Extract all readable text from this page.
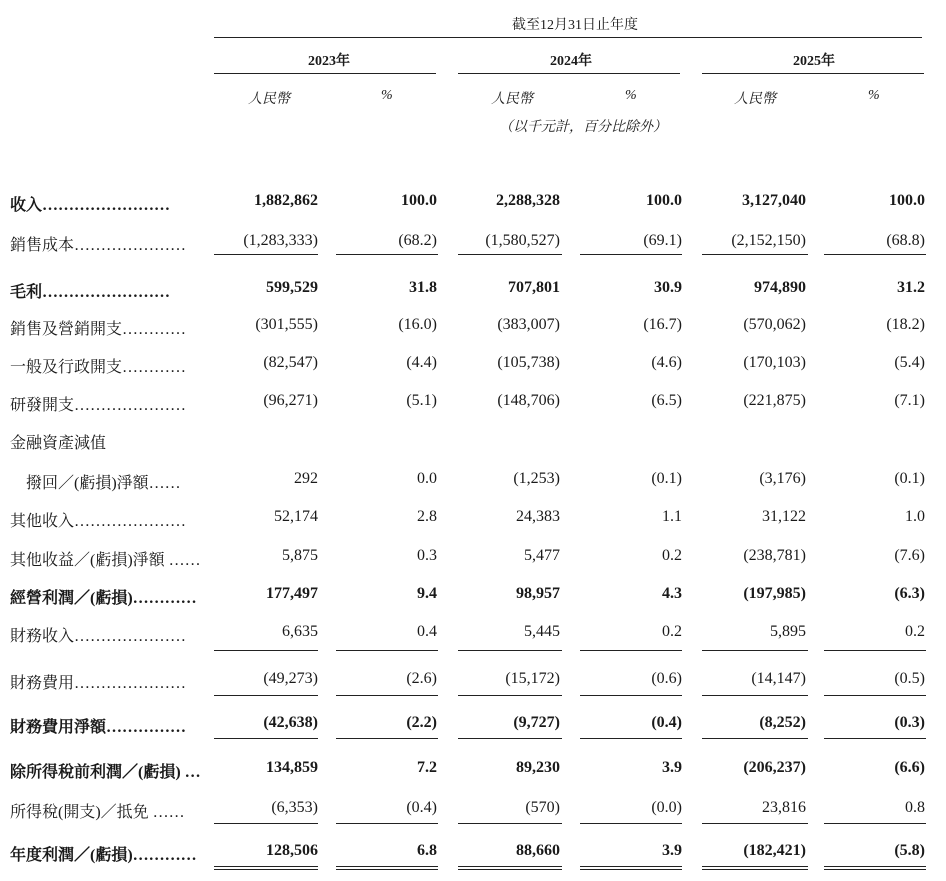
截至12月31日止年度
2023年	2024年	2025年
人民幣	%	人民幣	%	人民幣	%
（以千元計，百分比除外）
收入……………………	1,882,862	100.0	2,288,328	100.0	3,127,040	100.0
銷售成本…………………	(1,283,333)	(68.2)	(1,580,527)	(69.1)	(2,152,150)	(68.8)
毛利……………………	599,529	31.8	707,801	30.9	974,890	31.2
銷售及營銷開支…………	(301,555)	(16.0)	(383,007)	(16.7)	(570,062)	(18.2)
一般及行政開支…………	(82,547)	(4.4)	(105,738)	(4.6)	(170,103)	(5.4)
研發開支…………………	(96,271)	(5.1)	(148,706)	(6.5)	(221,875)	(7.1)
金融資產減值
　撥回／(虧損)淨額……	292	0.0	(1,253)	(0.1)	(3,176)	(0.1)
其他收入…………………	52,174	2.8	24,383	1.1	31,122	1.0
其他收益／(虧損)淨額 ……	5,875	0.3	5,477	0.2	(238,781)	(7.6)
經營利潤／(虧損)…………	177,497	9.4	98,957	4.3	(197,985)	(6.3)
財務收入…………………	6,635	0.4	5,445	0.2	5,895	0.2
財務費用…………………	(49,273)	(2.6)	(15,172)	(0.6)	(14,147)	(0.5)
財務費用淨額……………	(42,638)	(2.2)	(9,727)	(0.4)	(8,252)	(0.3)
除所得稅前利潤／(虧損) …	134,859	7.2	89,230	3.9	(206,237)	(6.6)
所得稅(開支)／抵免 ……	(6,353)	(0.4)	(570)	(0.0)	23,816	0.8
年度利潤／(虧損)…………	128,506	6.8	88,660	3.9	(182,421)	(5.8)
